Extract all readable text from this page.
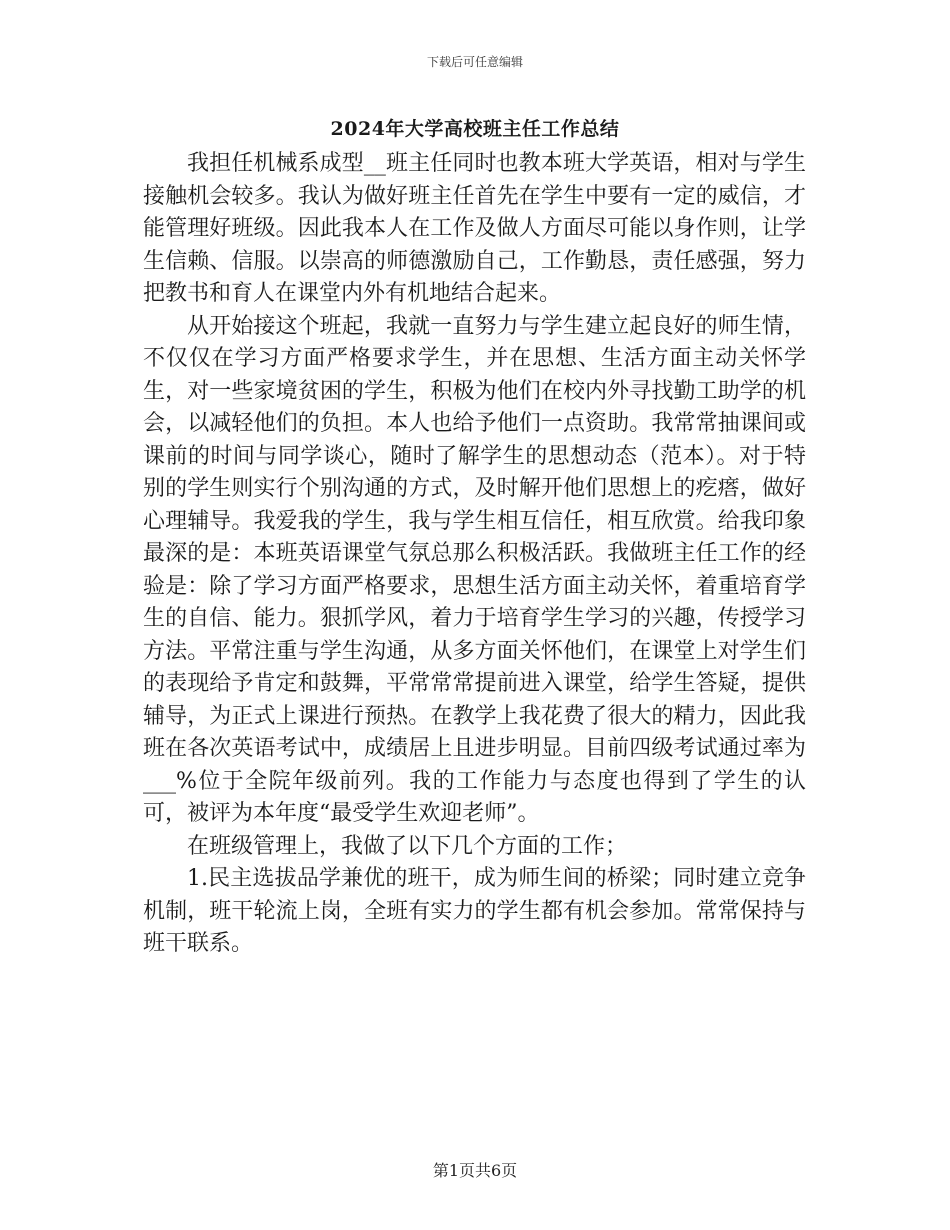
下载后可任意编辑
2024年大学高校班主任工作总结

我担任机械系成型__班主任同时也教本班大学英语，相对与学生接触机会较多。我认为做好班主任首先在学生中要有一定的威信，才能管理好班级。因此我本人在工作及做人方面尽可能以身作则，让学生信赖、信服。以崇高的师德激励自己，工作勤恳，责任感强，努力把教书和育人在课堂内外有机地结合起来。

从开始接这个班起，我就一直努力与学生建立起良好的师生情，不仅仅在学习方面严格要求学生，并在思想、生活方面主动关怀学生，对一些家境贫困的学生，积极为他们在校内外寻找勤工助学的机会，以减轻他们的负担。本人也给予他们一点资助。我常常抽课间或课前的时间与同学谈心，随时了解学生的思想动态（范本）。对于特别的学生则实行个别沟通的方式，及时解开他们思想上的疙瘩，做好心理辅导。我爱我的学生，我与学生相互信任，相互欣赏。给我印象最深的是：本班英语课堂气氛总那么积极活跃。我做班主任工作的经验是：除了学习方面严格要求，思想生活方面主动关怀，着重培育学生的自信、能力。狠抓学风，着力于培育学生学习的兴趣，传授学习方法。平常注重与学生沟通，从多方面关怀他们，在课堂上对学生们的表现给予肯定和鼓舞，平常常常提前进入课堂，给学生答疑，提供辅导，为正式上课进行预热。在教学上我花费了很大的精力，因此我班在各次英语考试中，成绩居上且进步明显。目前四级考试通过率为___%位于全院年级前列。我的工作能力与态度也得到了学生的认可，被评为本年度“最受学生欢迎老师”。

在班级管理上，我做了以下几个方面的工作；

1.民主选拔品学兼优的班干，成为师生间的桥梁；同时建立竞争机制，班干轮流上岗，全班有实力的学生都有机会参加。常常保持与班干联系。

第1页共6页
